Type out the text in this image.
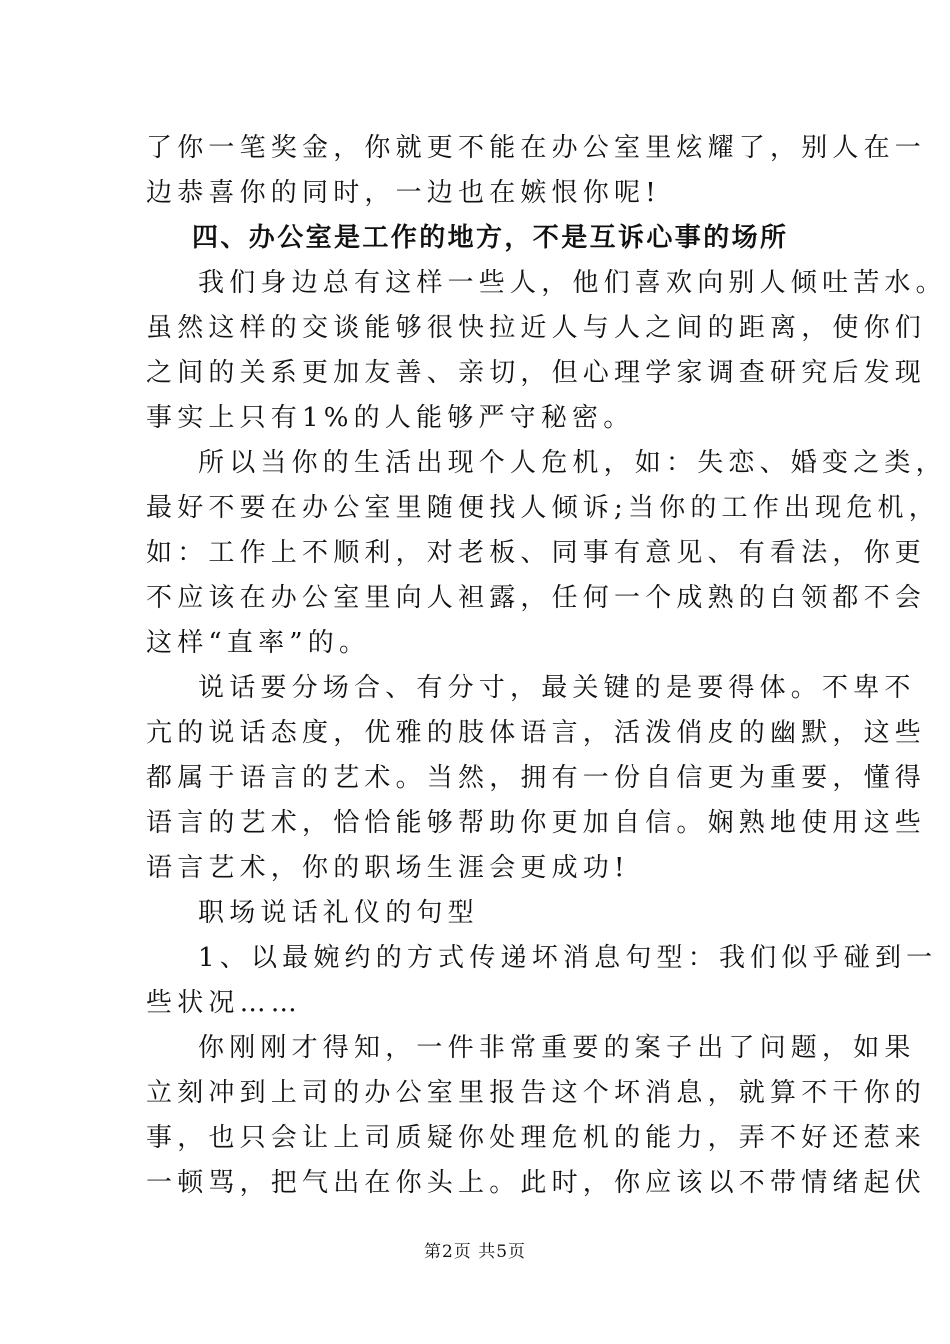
了你一笔奖金，你就更不能在办公室里炫耀了，别人在一
边恭喜你的同时，一边也在嫉恨你呢!
四、办公室是工作的地方，不是互诉心事的场所
我们身边总有这样一些人，他们喜欢向别人倾吐苦水。
虽然这样的交谈能够很快拉近人与人之间的距离，使你们
之间的关系更加友善、亲切，但心理学家调查研究后发现
事实上只有1%的人能够严守秘密。
所以当你的生活出现个人危机，如：失恋、婚变之类，
最好不要在办公室里随便找人倾诉;当你的工作出现危机，
如：工作上不顺利，对老板、同事有意见、有看法，你更
不应该在办公室里向人袒露，任何一个成熟的白领都不会
这样“直率”的。
说话要分场合、有分寸，最关键的是要得体。不卑不
亢的说话态度，优雅的肢体语言，活泼俏皮的幽默，这些
都属于语言的艺术。当然，拥有一份自信更为重要，懂得
语言的艺术，恰恰能够帮助你更加自信。娴熟地使用这些
语言艺术，你的职场生涯会更成功!
职场说话礼仪的句型
1、以最婉约的方式传递坏消息句型：我们似乎碰到一
些状况……
你刚刚才得知，一件非常重要的案子出了问题，如果
立刻冲到上司的办公室里报告这个坏消息，就算不干你的
事，也只会让上司质疑你处理危机的能力，弄不好还惹来
一顿骂，把气出在你头上。此时，你应该以不带情绪起伏
第2页 共5页
